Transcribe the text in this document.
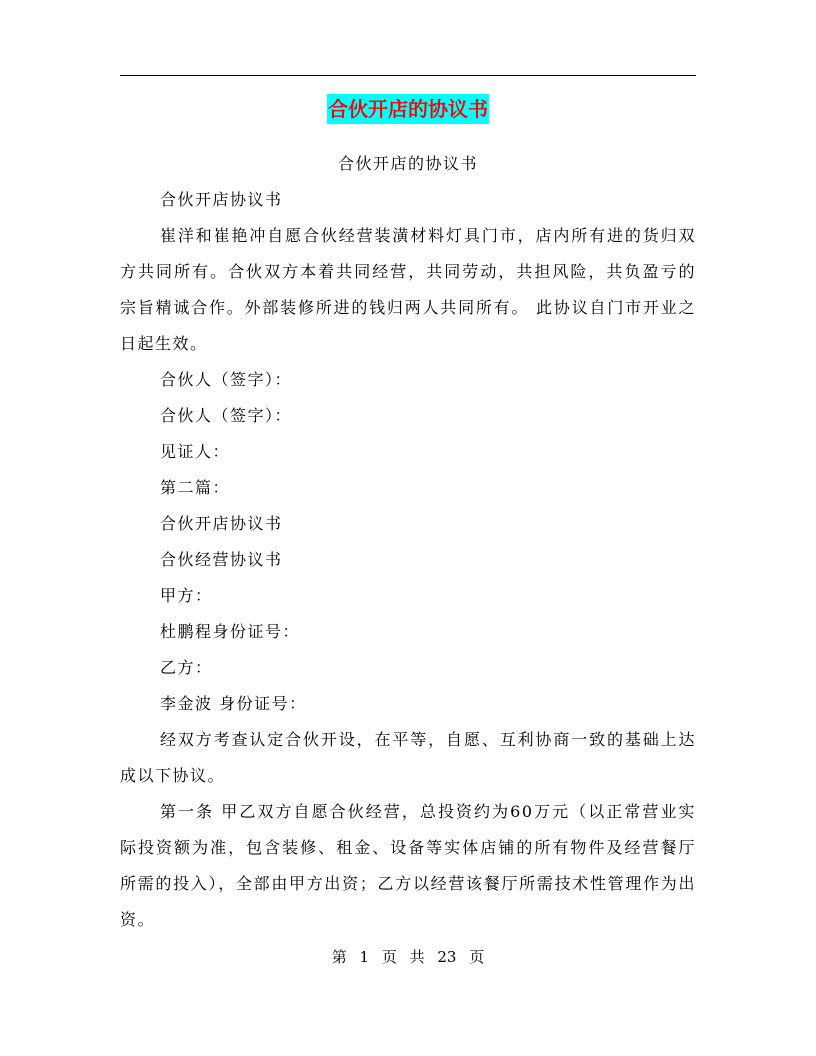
合伙开店的协议书

合伙开店的协议书

合伙开店协议书

崔洋和崔艳冲自愿合伙经营装潢材料灯具门市，店内所有进的货归双方共同所有。合伙双方本着共同经营，共同劳动，共担风险，共负盈亏的宗旨精诚合作。外部装修所进的钱归两人共同所有。 此协议自门市开业之日起生效。

合伙人（签字）：

合伙人（签字）：

见证人：

第二篇：

合伙开店协议书

合伙经营协议书

甲方：

杜鹏程身份证号：

乙方：

李金波 身份证号：

经双方考查认定合伙开设，在平等，自愿、互利协商一致的基础上达成以下协议。

第一条 甲乙双方自愿合伙经营，总投资约为60万元（以正常营业实际投资额为准，包含装修、租金、设备等实体店铺的所有物件及经营餐厅所需的投入），全部由甲方出资；乙方以经营该餐厅所需技术性管理作为出资。

第 1 页 共 23 页
